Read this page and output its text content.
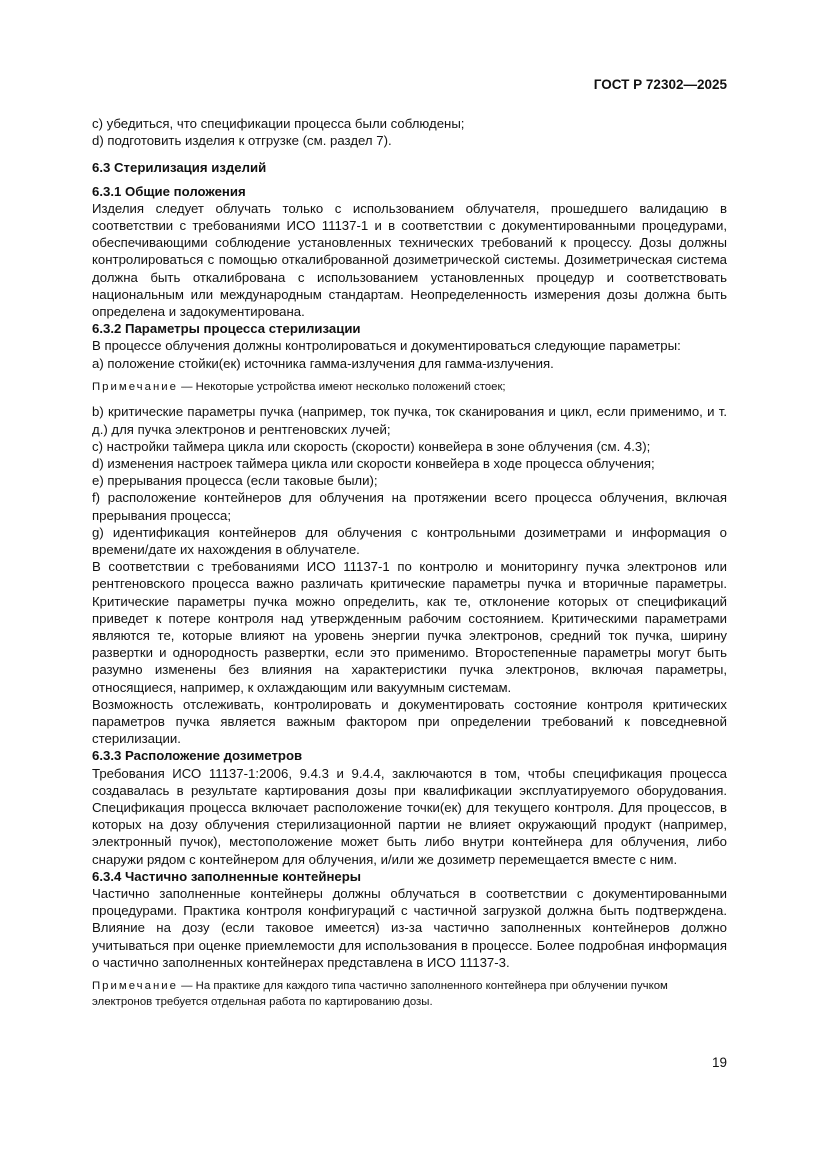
ГОСТ Р 72302—2025

c) убедиться, что спецификации процесса были соблюдены;

d) подготовить изделия к отгрузке (см. раздел 7).

6.3 Стерилизация изделий

6.3.1 Общие положения

Изделия следует облучать только с использованием облучателя, прошедшего валидацию в соответствии с требованиями ИСО 11137-1 и в соответствии с документированными процедурами, обеспечивающими соблюдение установленных технических требований к процессу. Дозы должны контролироваться с помощью откалиброванной дозиметрической системы. Дозиметрическая система должна быть откалибрована с использованием установленных процедур и соответствовать национальным или международным стандартам. Неопределенность измерения дозы должна быть определена и задокументирована.

6.3.2 Параметры процесса стерилизации

В процессе облучения должны контролироваться и документироваться следующие параметры:

а) положение стойки(ек) источника гамма-излучения для гамма-излучения.

Примечание — Некоторые устройства имеют несколько положений стоек;

b) критические параметры пучка (например, ток пучка, ток сканирования и цикл, если применимо, и т. д.) для пучка электронов и рентгеновских лучей;

c) настройки таймера цикла или скорость (скорости) конвейера в зоне облучения (см. 4.3);

d) изменения настроек таймера цикла или скорости конвейера в ходе процесса облучения;

e) прерывания процесса (если таковые были);

f) расположение контейнеров для облучения на протяжении всего процесса облучения, включая прерывания процесса;

g) идентификация контейнеров для облучения с контрольными дозиметрами и информация о времени/дате их нахождения в облучателе.

В соответствии с требованиями ИСО 11137-1 по контролю и мониторингу пучка электронов или рентгеновского процесса важно различать критические параметры пучка и вторичные параметры. Критические параметры пучка можно определить, как те, отклонение которых от спецификаций приведет к потере контроля над утвержденным рабочим состоянием. Критическими параметрами являются те, которые влияют на уровень энергии пучка электронов, средний ток пучка, ширину развертки и однородность развертки, если это применимо. Второстепенные параметры могут быть разумно изменены без влияния на характеристики пучка электронов, включая параметры, относящиеся, например, к охлаждающим или вакуумным системам.

Возможность отслеживать, контролировать и документировать состояние контроля критических параметров пучка является важным фактором при определении требований к повседневной стерилизации.

6.3.3 Расположение дозиметров

Требования ИСО 11137-1:2006, 9.4.3 и 9.4.4, заключаются в том, чтобы спецификация процесса создавалась в результате картирования дозы при квалификации эксплуатируемого оборудования. Спецификация процесса включает расположение точки(ек) для текущего контроля. Для процессов, в которых на дозу облучения стерилизационной партии не влияет окружающий продукт (например, электронный пучок), местоположение может быть либо внутри контейнера для облучения, либо снаружи рядом с контейнером для облучения, и/или же дозиметр перемещается вместе с ним.

6.3.4 Частично заполненные контейнеры

Частично заполненные контейнеры должны облучаться в соответствии с документированными процедурами. Практика контроля конфигураций с частичной загрузкой должна быть подтверждена. Влияние на дозу (если таковое имеется) из-за частично заполненных контейнеров должно учитываться при оценке приемлемости для использования в процессе. Более подробная информация о частично заполненных контейнерах представлена в ИСО 11137-3.

Примечание — На практике для каждого типа частично заполненного контейнера при облучении пучком электронов требуется отдельная работа по картированию дозы.

19
